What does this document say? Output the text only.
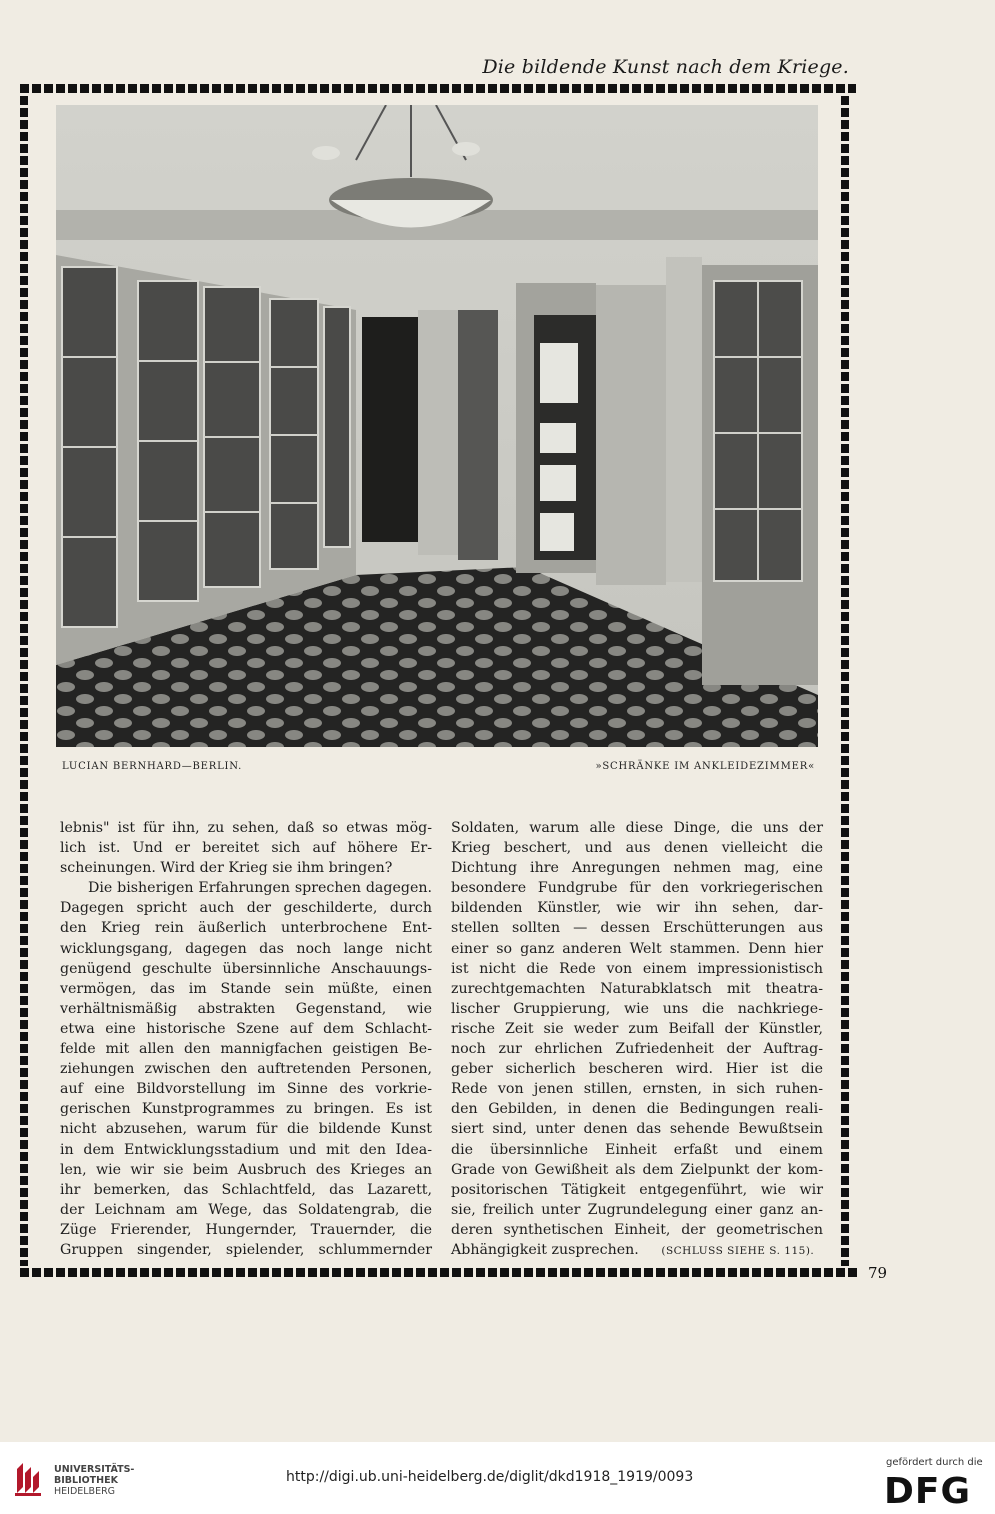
Die bildende Kunst nach dem Kriege.
LUCIAN BERNHARD—BERLIN.	»SCHRÄNKE IM ANKLEIDEZIMMER«
lebnis" ist für ihn, zu sehen, daß so etwas mög-
lich ist. Und er bereitet sich auf höhere Er-
scheinungen. Wird der Krieg sie ihm bringen?
Die bisherigen Erfahrungen sprechen dagegen.
Dagegen spricht auch der geschilderte, durch
den Krieg rein äußerlich unterbrochene Ent-
wicklungsgang, dagegen das noch lange nicht
genügend geschulte übersinnliche Anschauungs-
vermögen, das im Stande sein müßte, einen
verhältnismäßig abstrakten Gegenstand, wie
etwa eine historische Szene auf dem Schlacht-
felde mit allen den mannigfachen geistigen Be-
ziehungen zwischen den auftretenden Personen,
auf eine Bildvorstellung im Sinne des vorkrie-
gerischen Kunstprogrammes zu bringen. Es ist
nicht abzusehen, warum für die bildende Kunst
in dem Entwicklungsstadium und mit den Idea-
len, wie wir sie beim Ausbruch des Krieges an
ihr bemerken, das Schlachtfeld, das Lazarett,
der Leichnam am Wege, das Soldatengrab, die
Züge Frierender, Hungernder, Trauernder, die
Gruppen singender, spielender, schlummernder
Soldaten, warum alle diese Dinge, die uns der
Krieg beschert, und aus denen vielleicht die
Dichtung ihre Anregungen nehmen mag, eine
besondere Fundgrube für den vorkriegerischen
bildenden Künstler, wie wir ihn sehen, dar-
stellen sollten — dessen Erschütterungen aus
einer so ganz anderen Welt stammen. Denn hier
ist nicht die Rede von einem impressionistisch
zurechtgemachten Naturabklatsch mit theatra-
lischer Gruppierung, wie uns die nachkriege-
rische Zeit sie weder zum Beifall der Künstler,
noch zur ehrlichen Zufriedenheit der Auftrag-
geber sicherlich bescheren wird. Hier ist die
Rede von jenen stillen, ernsten, in sich ruhen-
den Gebilden, in denen die Bedingungen reali-
siert sind, unter denen das sehende Bewußtsein
die übersinnliche Einheit erfaßt und einem
Grade von Gewißheit als dem Zielpunkt der kom-
positorischen Tätigkeit entgegenführt, wie wir
sie, freilich unter Zugrundelegung einer ganz an-
deren synthetischen Einheit, der geometrischen
Abhängigkeit zusprechen. (SCHLUSS SIEHE S. 115).
79
UNIVERSITÄTS-
BIBLIOTHEK
HEIDELBERG
http://digi.ub.uni-heidelberg.de/diglit/dkd1918_1919/0093
gefördert durch die
DFG
